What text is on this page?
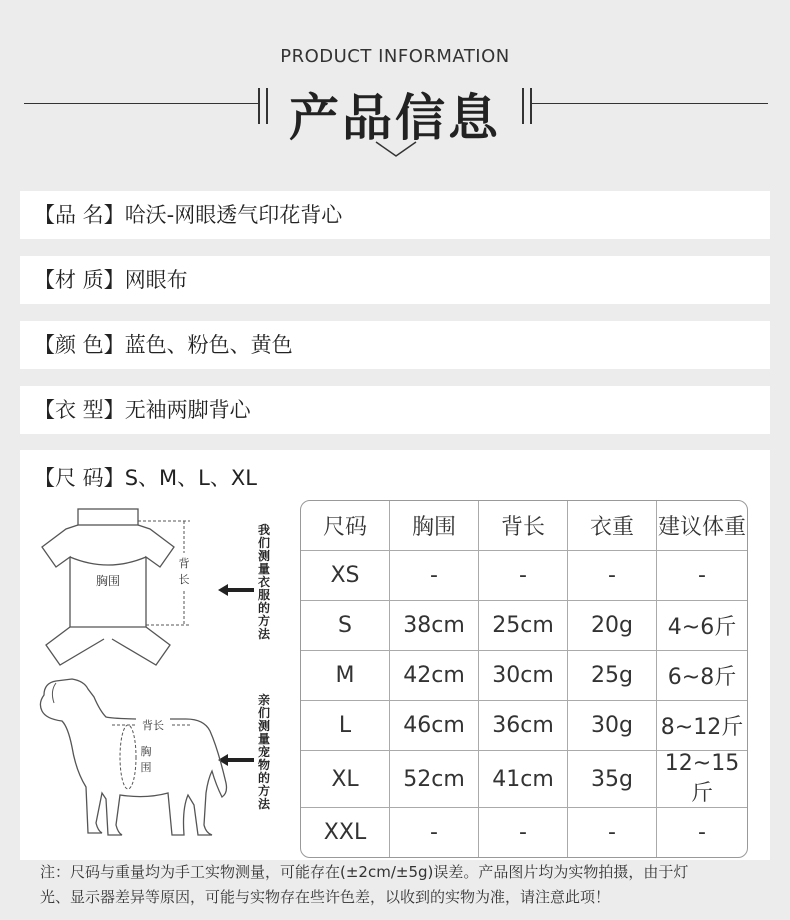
PRODUCT INFORMATION
产品信息
【品 名】哈沃-网眼透气印花背心
【材 质】网眼布
【颜 色】蓝色、粉色、黄色
【衣 型】无袖两脚背心
【尺 码】S、M、L、XL
胸围
背
长
我们测量衣服的方法
亲们测量宠物的方法
背长
胸
围
尺码	胸围	背长	衣重	建议体重
XS	-	-	-	-
S	38cm	25cm	20g	4~6斤
M	42cm	30cm	25g	6~8斤
L	46cm	36cm	30g	8~12斤
XL	52cm	41cm	35g	12~15斤
XXL	-	-	-	-
注：尺码与重量均为手工实物测量，可能存在(±2cm/±5g)误差。产品图片均为实物拍摄，由于灯
光、显示器差异等原因，可能与实物存在些许色差，以收到的实物为准，请注意此项！
